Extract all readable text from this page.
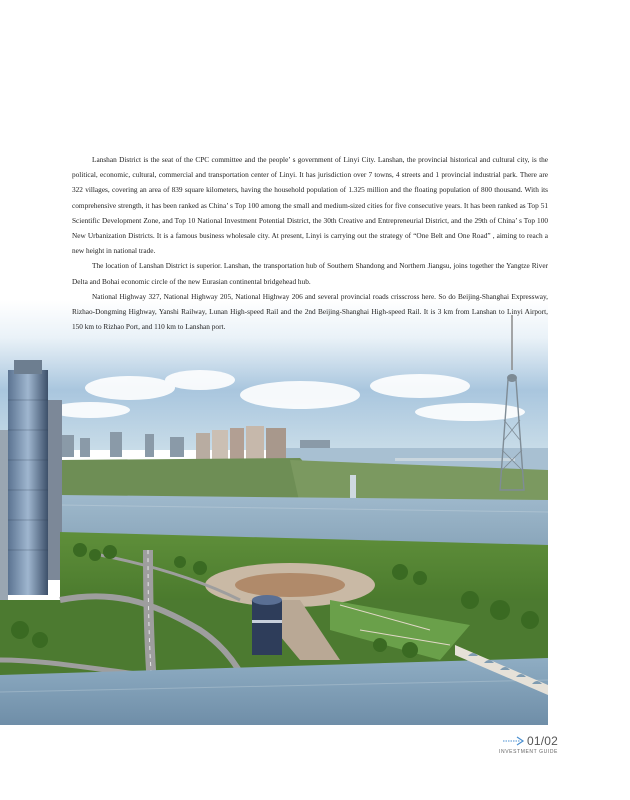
Lanshan District is the seat of the CPC committee and the people’ s government of Linyi City. Lanshan, the provincial historical and cultural city, is the political, economic, cultural, commercial and transportation center of Linyi. It has jurisdiction over 7 towns, 4 streets and 1 provincial industrial park. There are 322 villages, covering an area of 839 square kilometers, having the household population of 1.325 million and the floating population of 800 thousand. With its comprehensive strength, it has been ranked as China’ s Top 100 among the small and medium-sized cities for five consecutive years. It has been ranked as Top 51 Scientific Development Zone, and Top 10 National Investment Potential District, the 30th Creative and Entrepreneurial District, and the 29th of China’ s Top 100 New Urbanization Districts. It is a famous business wholesale city. At present, Linyi is carrying out the strategy of “One Belt and One Road” , aiming to reach a new height in national trade.

The location of Lanshan District is superior. Lanshan, the transportation hub of Southern Shandong and Northern Jiangsu, joins together the Yangtze River Delta and Bohai economic circle of the new Eurasian continental bridgehead hub.

National Highway 327, National Highway 205, National Highway 206 and several provincial roads crisscross here. So do Beijing-Shanghai Expressway, Rizhao-Dongming Highway, Yanshi Railway, Lunan High-speed Rail and the 2nd Beijing-Shanghai High-speed Rail. It is 3 km from Lanshan to Linyi Airport, 150 km to Rizhao Port, and 110 km to Lanshan port.

01/02
INVESTMENT GUIDE
